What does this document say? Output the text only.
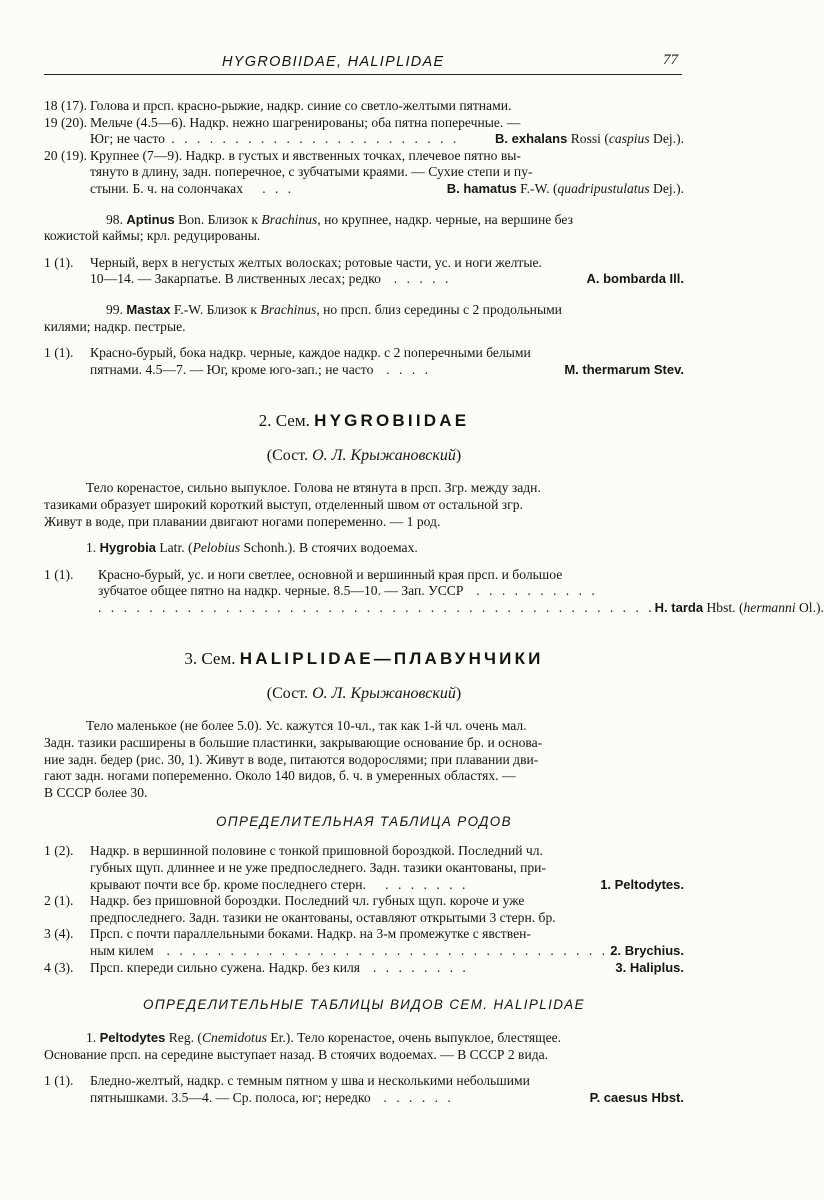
HYGROBIIDAE, HALIPLIDAE	77
18 (17). Голова и прсп. красно-рыжие, надкр. синие со светло-желтыми пятнами.
19 (20). Мельче (4.5—6). Надкр. нежно шагренированы; оба пятна поперечные. —
Юг; не часто . . . . . . . . . . . . . . . . . . . . . . .	B. exhalans Rossi (caspius Dej.).
20 (19). Крупнее (7—9). Надкр. в густых и явственных точках, плечевое пятно вы-
тянуто в длину, задн. поперечное, с зубчатыми краями. — Сухие степи и пу-
стыни. Б. ч. на солончаках . . .	B. hamatus F.-W. (quadripustulatus Dej.).
98. Aptinus Bon. Близок к Brachinus, но крупнее, надкр. черные, на вершине без
кожистой каймы; крл. редуцированы.
1 (1). Черный, верх в негустых желтых волосках; ротовые части, ус. и ноги желтые.
10—14. — Закарпатье. В лиственных лесах; редко . . . . .	A. bombarda Ill.
99. Mastax F.-W. Близок к Brachinus, но прсп. близ середины с 2 продольными
килями; надкр. пестрые.
1 (1). Красно-бурый, бока надкр. черные, каждое надкр. с 2 поперечными белыми
пятнами. 4.5—7. — Юг, кроме юго-зап.; не часто . . . .	M. thermarum Stev.
2. Сем. HYGROBIIDAE
(Сост. О. Л. Крыжановский)
Тело коренастое, сильно выпуклое. Голова не втянута в прсп. Згр. между задн.
тазиками образует широкий короткий выступ, отделенный швом от остальной згр.
Живут в воде, при плавании двигают ногами попеременно. — 1 род.
1. Hygrobia Latr. (Pelobius Schonh.). В стоячих водоемах.
1 (1). Красно-бурый, ус. и ноги светлее, основной и вершинный края прсп. и большое
зубчатое общее пятно на надкр. черные. 8.5—10. — Зап. УССР . . . . . . . . . .
. . . . . . . . . . . . . . . . . . . . . . . . . . . . . . . . . . . . . . . . . . . . H. tarda Hbst. (hermanni Ol.).
3. Сем. HALIPLIDAE—ПЛАВУНЧИКИ
(Сост. О. Л. Крыжановский)
Тело маленькое (не более 5.0). Ус. кажутся 10-чл., так как 1-й чл. очень мал.
Задн. тазики расширены в большие пластинки, закрывающие основание бр. и основа-
ние задн. бедер (рис. 30, 1). Живут в воде, питаются водорослями; при плавании дви-
гают задн. ногами попеременно. Около 140 видов, б. ч. в умеренных областях. —
В СССР более 30.
ОПРЕДЕЛИТЕЛЬНАЯ ТАБЛИЦА РОДОВ
1 (2). Надкр. в вершинной половине с тонкой пришовной бороздкой. Последний чл.
губных щуп. длиннее и не уже предпоследнего. Задн. тазики окантованы, при-
крывают почти все бр. кроме последнего стерн. . . . . . . .	1. Peltodytes.
2 (1). Надкр. без пришовной бороздки. Последний чл. губных щуп. короче и уже
предпоследнего. Задн. тазики не окантованы, оставляют открытыми 3 стерн. бр.
3 (4). Прсп. с почти параллельными боками. Надкр. на 3-м промежутке с явствен-
ным килем . . . . . . . . . . . . . . . . . . . . . . . . . . . . . . . . . . . 2. Brychius.
4 (3).	Прсп. кпереди сильно сужена. Надкр. без киля . . . . . . . .	3. Haliplus.
ОПРЕДЕЛИТЕЛЬНЫЕ ТАБЛИЦЫ ВИДОВ СЕМ. HALIPLIDAE
1. Peltodytes Reg. (Cnemidotus Er.). Тело коренастое, очень выпуклое, блестящее.
Основание прсп. на середине выступает назад. В стоячих водоемах. — В СССР 2 вида.
1 (1). Бледно-желтый, надкр. с темным пятном у шва и несколькими небольшими
пятнышками. 3.5—4. — Ср. полоса, юг; нередко . . . . . .	P. caesus Hbst.
